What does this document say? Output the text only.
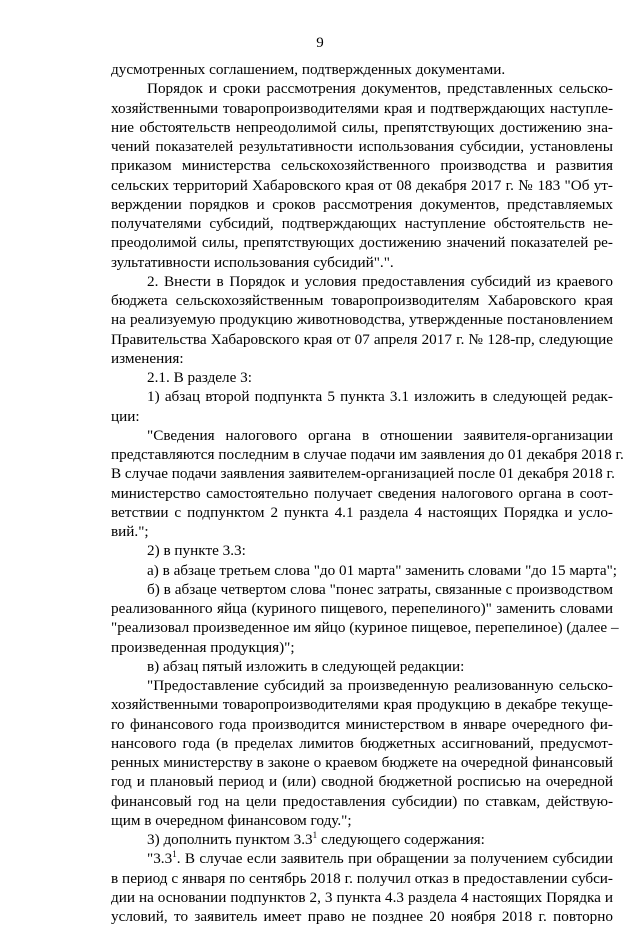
9
дусмотренных соглашением, подтвержденных документами.
Порядок и сроки рассмотрения документов, представленных сельско-
хозяйственными товаропроизводителями края и подтверждающих наступле-
ние обстоятельств непреодолимой силы, препятствующих достижению зна-
чений показателей результативности использования субсидии, установлены
приказом министерства сельскохозяйственного производства и развития
сельских территорий Хабаровского края от 08 декабря 2017 г. № 183 "Об ут-
верждении порядков и сроков рассмотрения документов, представляемых
получателями субсидий, подтверждающих наступление обстоятельств не-
преодолимой силы, препятствующих достижению значений показателей ре-
зультативности использования субсидий".".
2. Внести в Порядок и условия предоставления субсидий из краевого
бюджета сельскохозяйственным товаропроизводителям Хабаровского края
на реализуемую продукцию животноводства, утвержденные постановлением
Правительства Хабаровского края от 07 апреля 2017 г. № 128-пр, следующие
изменения:
2.1. В разделе 3:
1) абзац второй подпункта 5 пункта 3.1 изложить в следующей редак-
ции:
"Сведения налогового органа в отношении заявителя-организации
представляются последним в случае подачи им заявления до 01 декабря 2018 г.
В случае подачи заявления заявителем-организацией после 01 декабря 2018 г.
министерство самостоятельно получает сведения налогового органа в соот-
ветствии с подпунктом 2 пункта 4.1 раздела 4 настоящих Порядка и усло-
вий.";
2) в пункте 3.3:
а) в абзаце третьем слова "до 01 марта" заменить словами "до 15 марта";
б) в абзаце четвертом слова "понес затраты, связанные с производством
реализованного яйца (куриного пищевого, перепелиного)" заменить словами
"реализовал произведенное им яйцо (куриное пищевое, перепелиное) (далее –
произведенная продукция)";
в) абзац пятый изложить в следующей редакции:
"Предоставление субсидий за произведенную реализованную сельско-
хозяйственными товаропроизводителями края продукцию в декабре текуще-
го финансового года производится министерством в январе очередного фи-
нансового года (в пределах лимитов бюджетных ассигнований, предусмот-
ренных министерству в законе о краевом бюджете на очередной финансовый
год и плановый период и (или) сводной бюджетной росписью на очередной
финансовый год на цели предоставления субсидии) по ставкам, действую-
щим в очередном финансовом году.";
3) дополнить пунктом $3.3^1$ следующего содержания:
"$3.3^1$. В случае если заявитель при обращении за получением субсидии
в период с января по сентябрь 2018 г. получил отказ в предоставлении субси-
дии на основании подпунктов 2, 3 пункта 4.3 раздела 4 настоящих Порядка и
условий, то заявитель имеет право не позднее 20 ноября 2018 г. повторно
